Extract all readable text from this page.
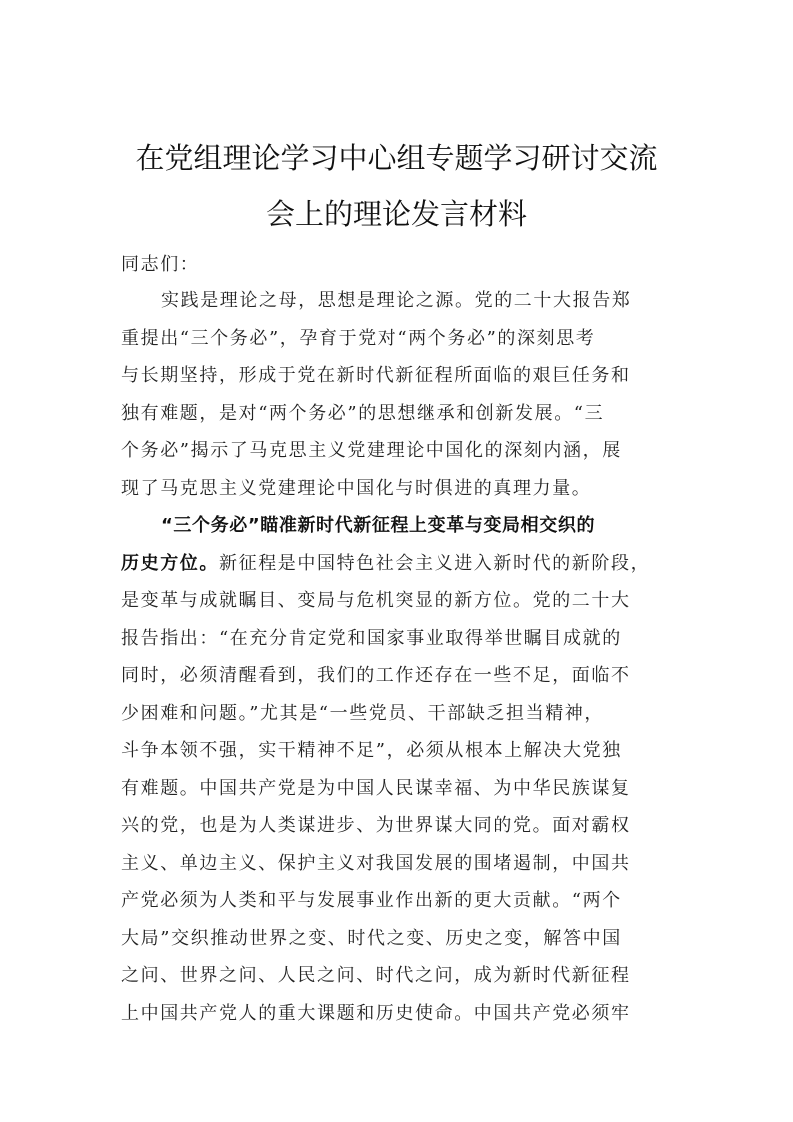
在党组理论学习中心组专题学习研讨交流
会上的理论发言材料
同志们：
实践是理论之母，思想是理论之源。党的二十大报告郑
重提出“三个务必”，孕育于党对“两个务必”的深刻思考
与长期坚持，形成于党在新时代新征程所面临的艰巨任务和
独有难题，是对“两个务必”的思想继承和创新发展。“三
个务必”揭示了马克思主义党建理论中国化的深刻内涵，展
现了马克思主义党建理论中国化与时俱进的真理力量。
“三个务必”瞄准新时代新征程上变革与变局相交织的
历史方位。新征程是中国特色社会主义进入新时代的新阶段，
是变革与成就瞩目、变局与危机突显的新方位。党的二十大
报告指出：“在充分肯定党和国家事业取得举世瞩目成就的
同时，必须清醒看到，我们的工作还存在一些不足，面临不
少困难和问题。”尤其是“一些党员、干部缺乏担当精神，
斗争本领不强，实干精神不足”，必须从根本上解决大党独
有难题。中国共产党是为中国人民谋幸福、为中华民族谋复
兴的党，也是为人类谋进步、为世界谋大同的党。面对霸权
主义、单边主义、保护主义对我国发展的围堵遏制，中国共
产党必须为人类和平与发展事业作出新的更大贡献。“两个
大局”交织推动世界之变、时代之变、历史之变，解答中国
之问、世界之问、人民之问、时代之问，成为新时代新征程
上中国共产党人的重大课题和历史使命。中国共产党必须牢
